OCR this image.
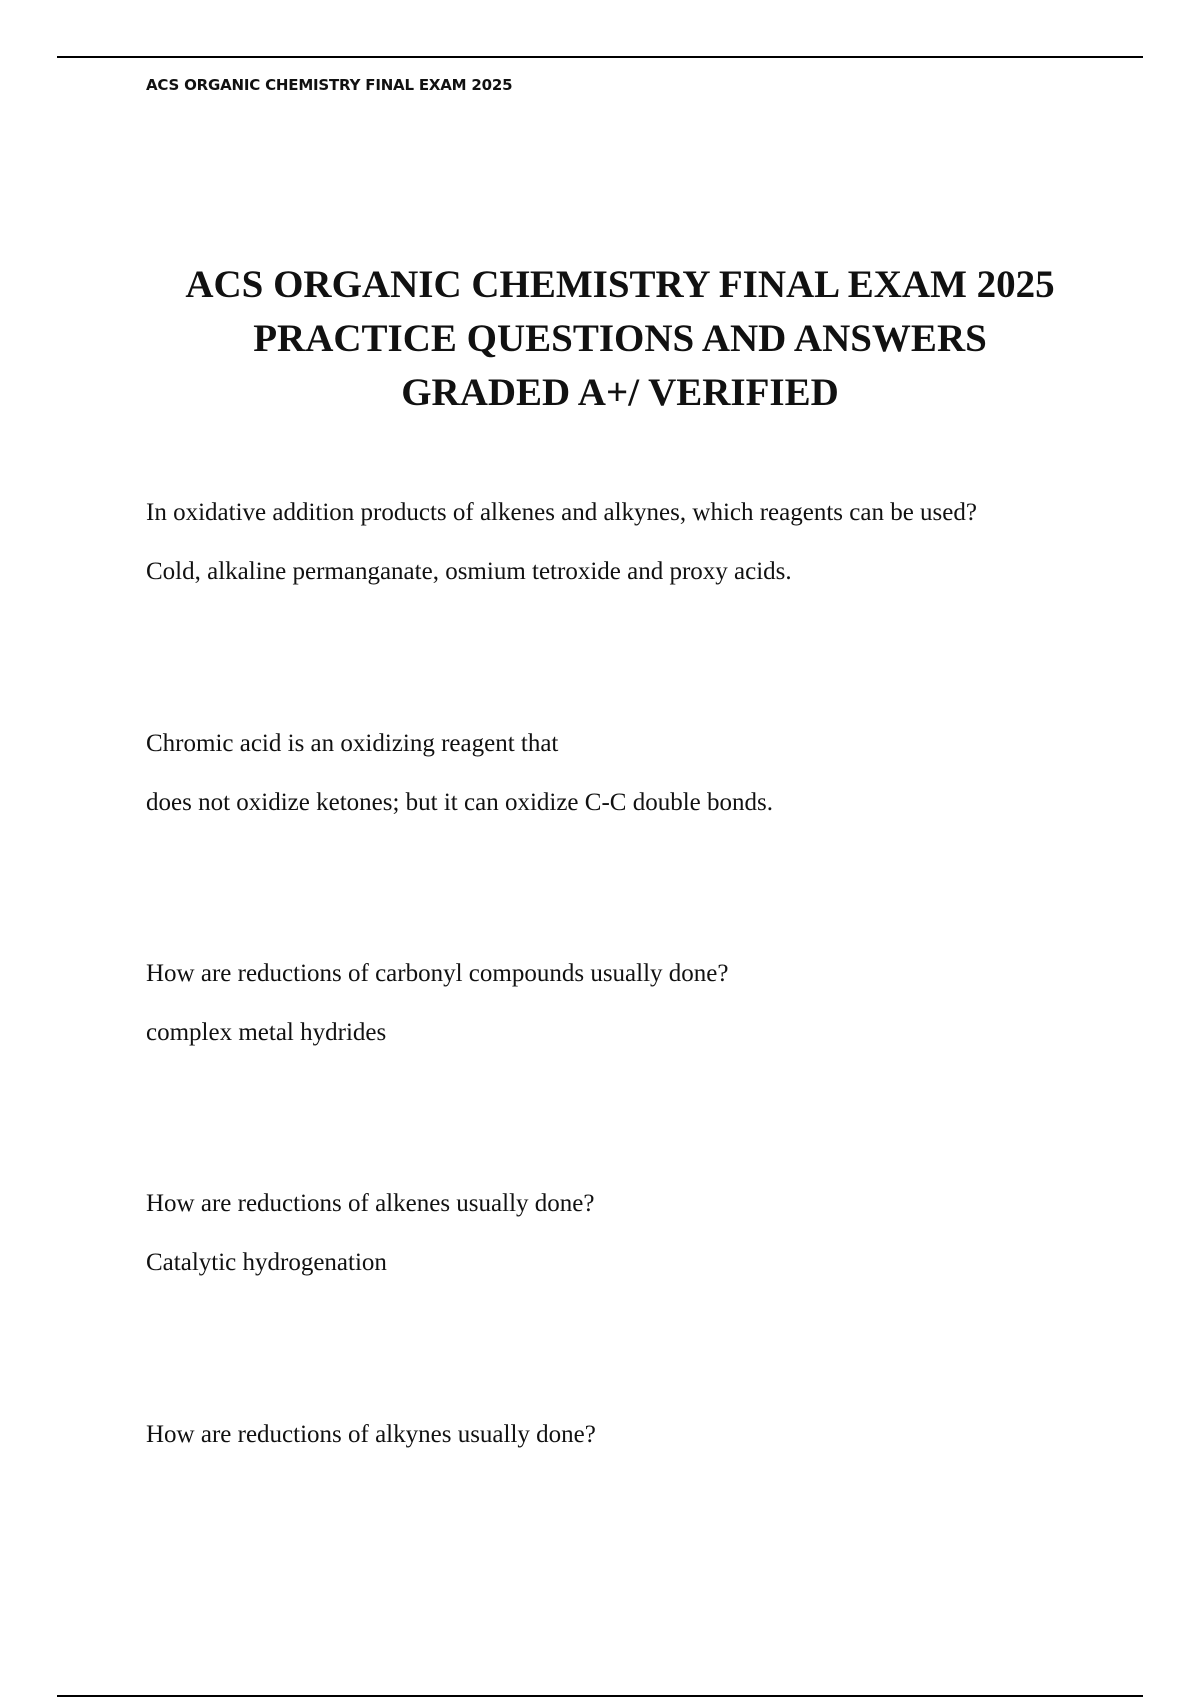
ACS ORGANIC CHEMISTRY FINAL EXAM 2025
ACS ORGANIC CHEMISTRY FINAL EXAM 2025
PRACTICE QUESTIONS AND ANSWERS
GRADED A+/ VERIFIED
In oxidative addition products of alkenes and alkynes, which reagents can be used?
Cold, alkaline permanganate, osmium tetroxide and proxy acids.
Chromic acid is an oxidizing reagent that
does not oxidize ketones; but it can oxidize C-C double bonds.
How are reductions of carbonyl compounds usually done?
complex metal hydrides
How are reductions of alkenes usually done?
Catalytic hydrogenation
How are reductions of alkynes usually done?
